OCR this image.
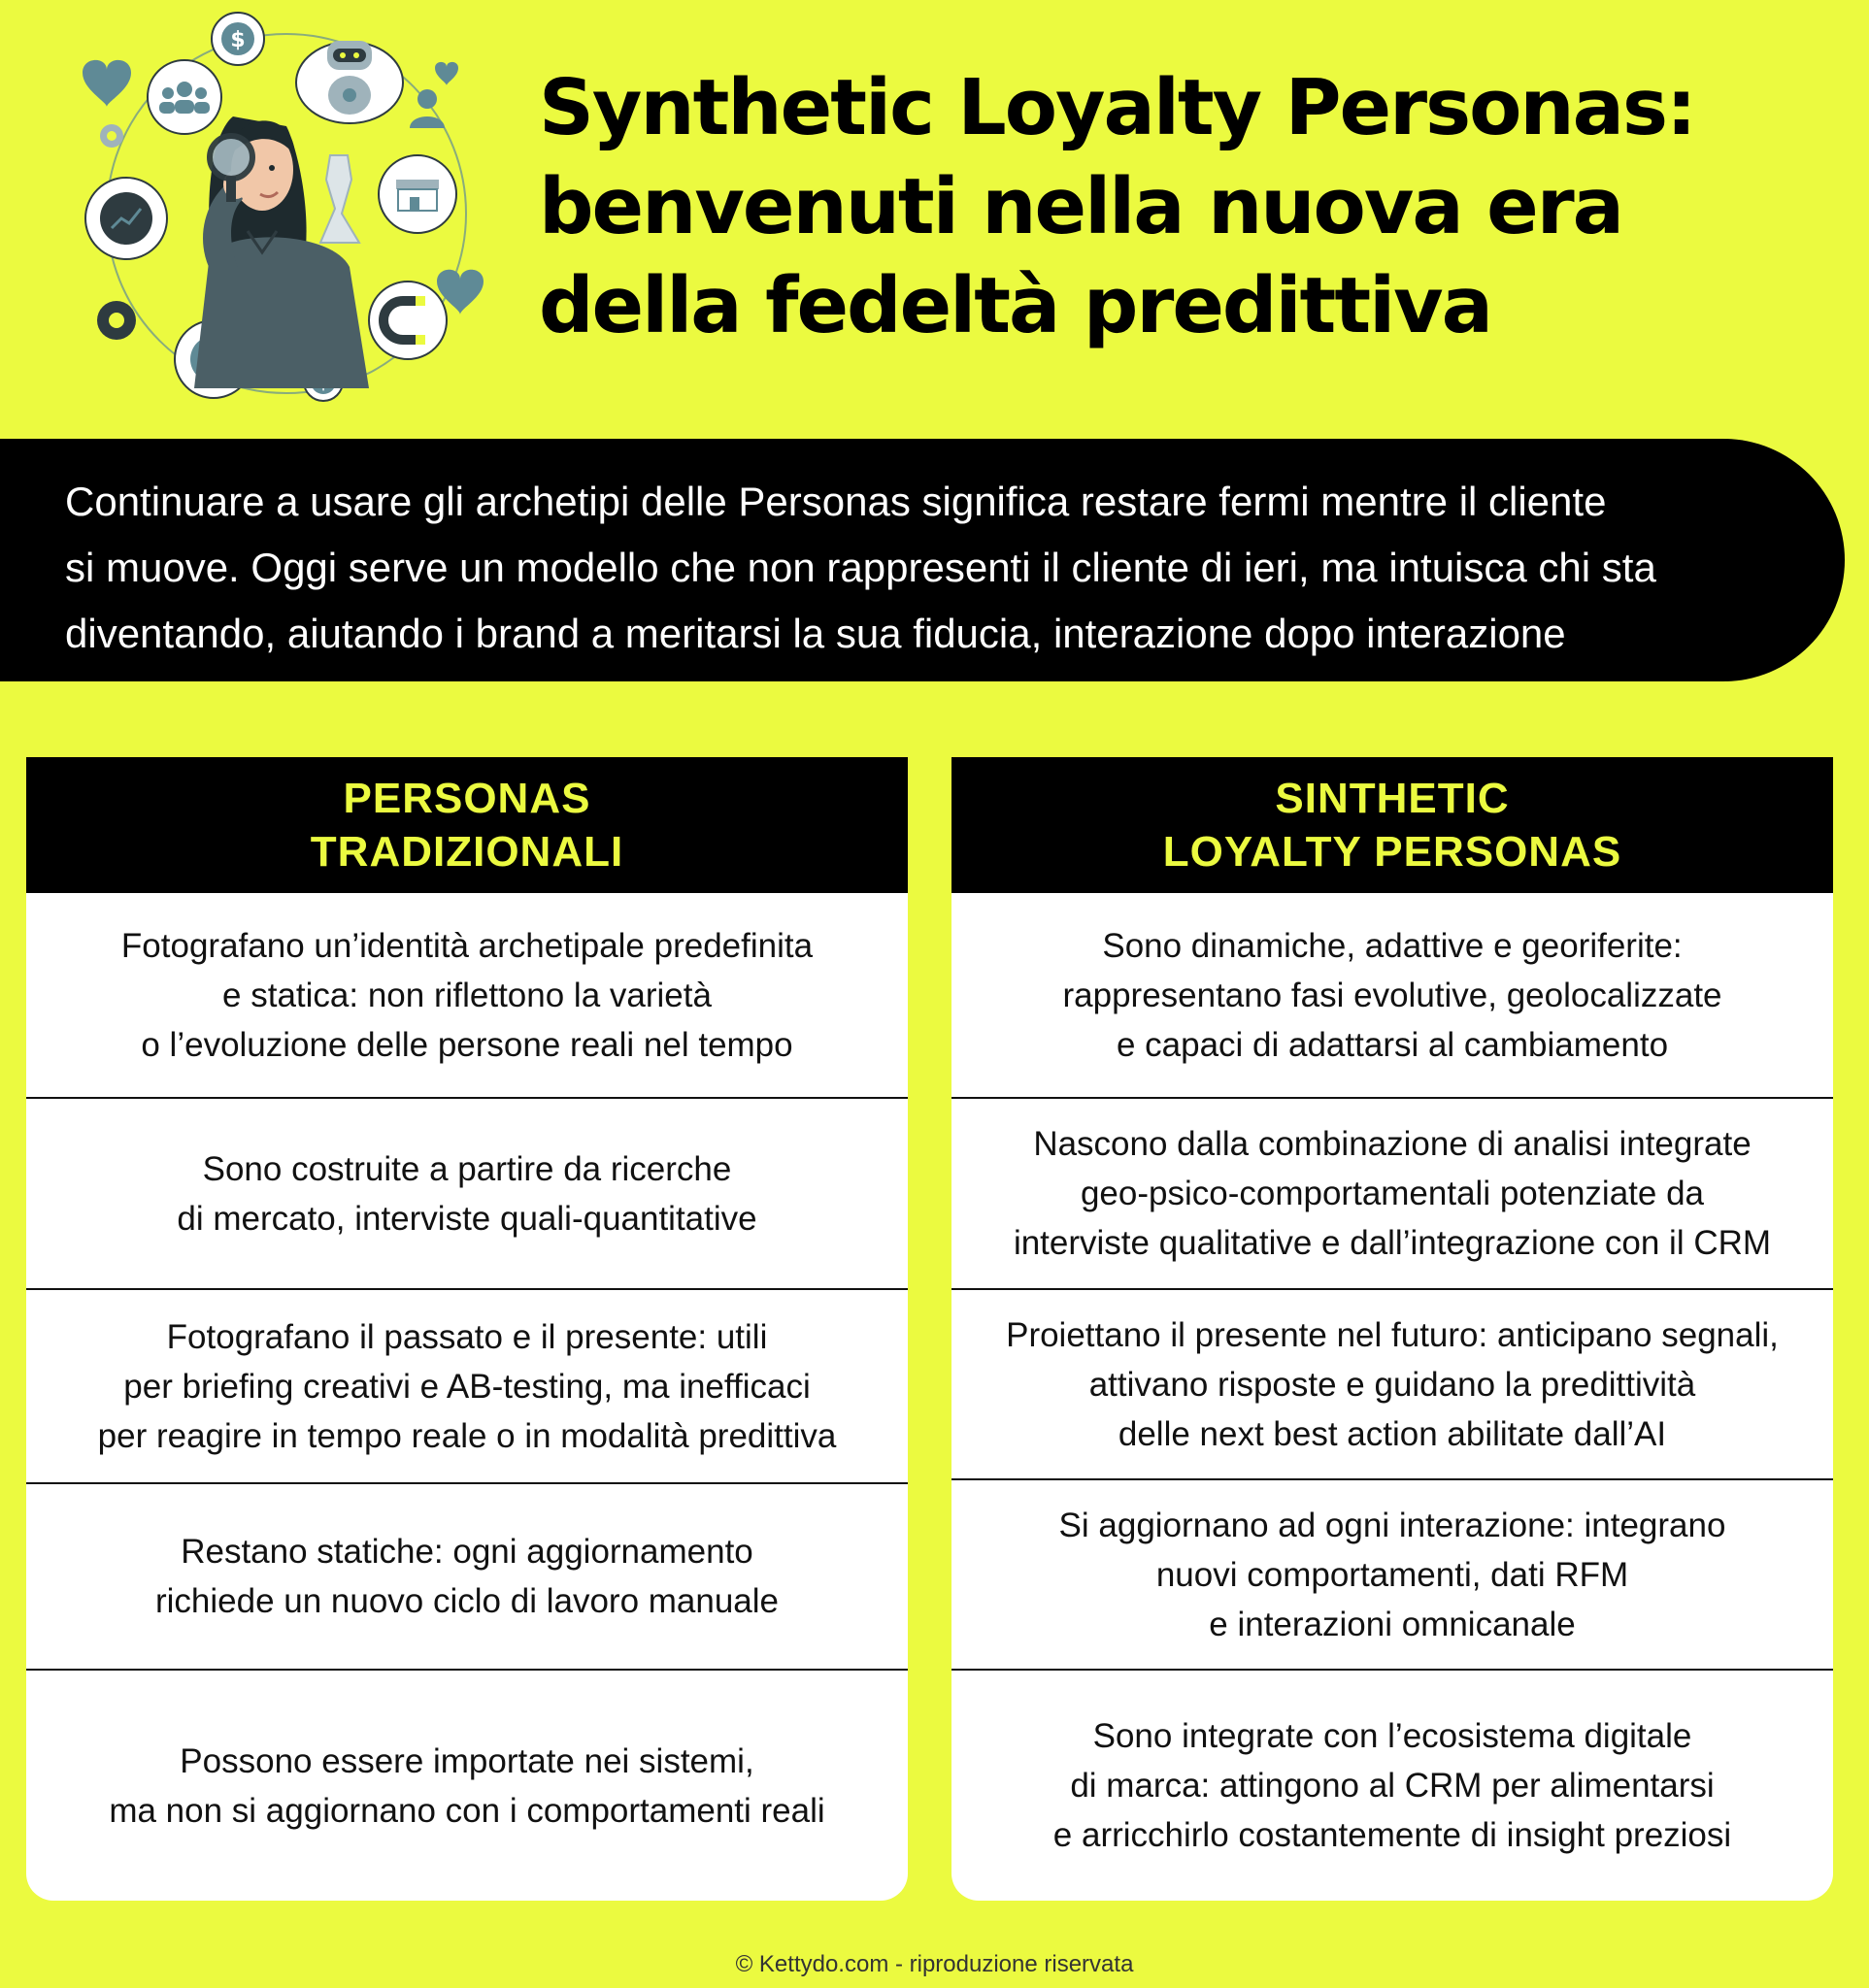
$
Synthetic Loyalty Personas:
benvenuti nella nuova era
della fedeltà predittiva
Continuare a usare gli archetipi delle Personas significa restare fermi mentre il cliente
si muove. Oggi serve un modello che non rappresenti il cliente di ieri, ma intuisca chi sta
diventando, aiutando i brand a meritarsi la sua fiducia, interazione dopo interazione
PERSONAS
TRADIZIONALI
Fotografano un’identità archetipale predefinita
e statica: non riflettono la varietà
o l’evoluzione delle persone reali nel tempo
Sono costruite a partire da ricerche
di mercato, interviste quali-quantitative
Fotografano il passato e il presente: utili
per briefing creativi e AB-testing, ma inefficaci
per reagire in tempo reale o in modalità predittiva
Restano statiche: ogni aggiornamento
richiede un nuovo ciclo di lavoro manuale
Possono essere importate nei sistemi,
ma non si aggiornano con i comportamenti reali
SINTHETIC
LOYALTY PERSONAS
Sono dinamiche, adattive e georiferite:
rappresentano fasi evolutive, geolocalizzate
e capaci di adattarsi al cambiamento
Nascono dalla combinazione di analisi integrate
geo-psico-comportamentali potenziate da
interviste qualitative e dall’integrazione con il CRM
Proiettano il presente nel futuro: anticipano segnali,
attivano risposte e guidano la predittività
delle next best action abilitate dall’AI
Si aggiornano ad ogni interazione: integrano
nuovi comportamenti, dati RFM
e interazioni omnicanale
Sono integrate con l’ecosistema digitale
di marca: attingono al CRM per alimentarsi
e arricchirlo costantemente di insight preziosi
© Kettydo.com - riproduzione riservata
